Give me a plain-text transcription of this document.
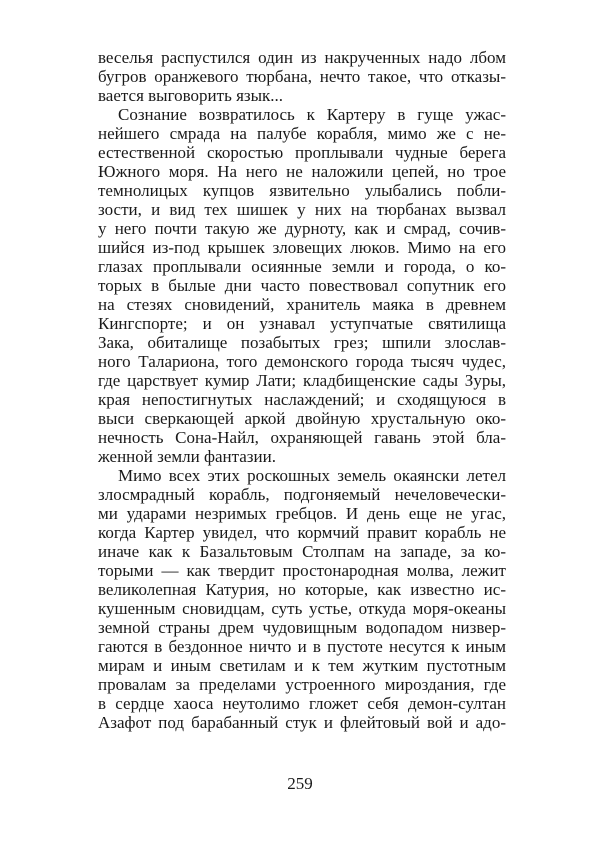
веселья распустился один из накрученных надо лбом
бугров оранжевого тюрбана, нечто такое, что отказы-
вается выговорить язык...
Сознание возвратилось к Картеру в гуще ужас-
нейшего смрада на палубе корабля, мимо же с не-
естественной скоростью проплывали чудные берега
Южного моря. На него не наложили цепей, но трое
темнолицых купцов язвительно улыбались побли-
зости, и вид тех шишек у них на тюрбанах вызвал
у него почти такую же дурноту, как и смрад, сочив-
шийся из-под крышек зловещих люков. Мимо на его
глазах проплывали осиянные земли и города, о ко-
торых в былые дни часто повествовал сопутник его
на стезях сновидений, хранитель маяка в древнем
Кингспорте; и он узнавал уступчатые святилища
Зака, обиталище позабытых грез; шпили злослав-
ного Талариона, того демонского города тысяч чудес,
где царствует кумир Лати; кладбищенские сады Зуры,
края непостигнутых наслаждений; и сходящуюся в
выси сверкающей аркой двойную хрустальную око-
нечность Сона-Найл, охраняющей гавань этой бла-
женной земли фантазии.
Мимо всех этих роскошных земель окаянски летел
злосмрадный корабль, подгоняемый нечеловечески-
ми ударами незримых гребцов. И день еще не угас,
когда Картер увидел, что кормчий правит корабль не
иначе как к Базальтовым Столпам на западе, за ко-
торыми — как твердит простонародная молва, лежит
великолепная Катурия, но которые, как известно ис-
кушенным сновидцам, суть устье, откуда моря-океаны
земной страны дрем чудовищным водопадом низвер-
гаются в бездонное ничто и в пустоте несутся к иным
мирам и иным светилам и к тем жутким пустотным
провалам за пределами устроенного мироздания, где
в сердце хаоса неутолимо гложет себя демон-султан
Азафот под барабанный стук и флейтовый вой и адо-
259
